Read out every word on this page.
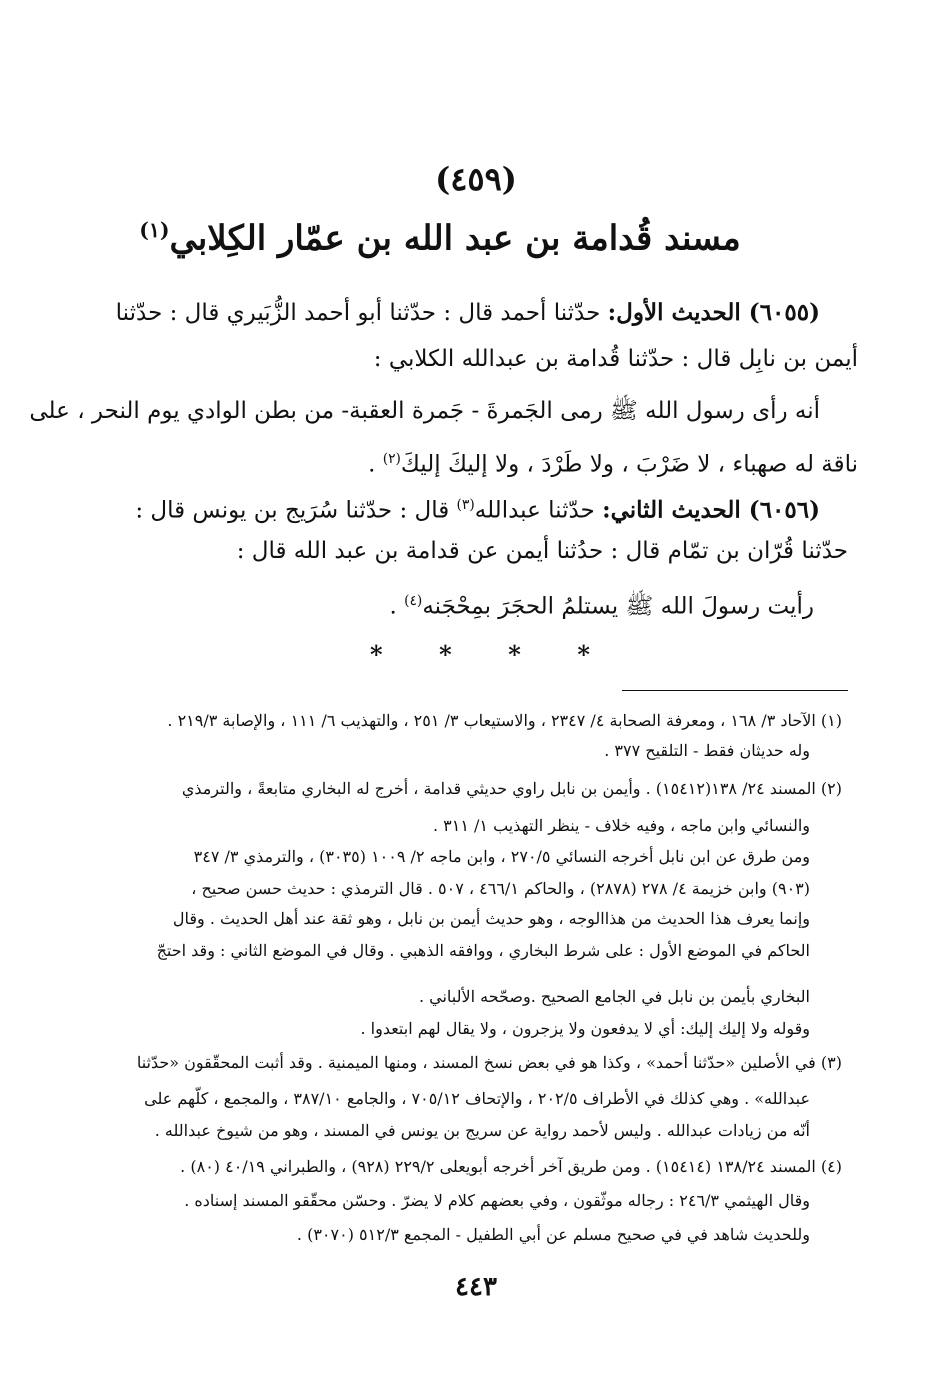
(٤٥٩)
مسند قُدامة بن عبد الله بن عمّار الكِلابي$^{(١)}$
(٦٠٥٥) الحديث الأول: حدّثنا أحمد قال : حدّثنا أبو أحمد الزُّبَيري قال : حدّثنا
أيمن بن نابِل قال : حدّثنا قُدامة بن عبدالله الكلابي :
أنه رأى رسول الله ﷺ رمى الجَمرةَ - جَمرة العقبة- من بطن الوادي يوم النحر ، على
ناقة له صهباء ، لا ضَرْبَ ، ولا طَرْدَ ، ولا إليكَ إليكَ$^{(٢)}$ .
(٦٠٥٦) الحديث الثاني: حدّثنا عبدالله$^{(٣)}$ قال : حدّثنا سُرَيج بن يونس قال :
حدّثنا قُرّان بن تمّام قال : حدُثنا أيمن عن قدامة بن عبد الله قال :
رأيت رسولَ الله ﷺ يستلمُ الحجَرَ بمِحْجَنه$^{(٤)}$ .
* * * *
(١) الآحاد ٣/ ١٦٨ ، ومعرفة الصحابة ٤/ ٢٣٤٧ ، والاستيعاب ٣/ ٢٥١ ، والتهذيب ٦/ ١١١ ، والإصابة ٢١٩/٣ .
وله حديثان فقط - التلقيح ٣٧٧ .
(٢) المسند ٢٤/ ١٣٨(١٥٤١٢) . وأيمن بن نابل راوي حديثي قدامة ، أخرج له البخاري متابعةً ، والترمذي
والنسائي وابن ماجه ، وفيه خلاف - ينظر التهذيب ١/ ٣١١ .
ومن طرق عن ابن نابل أخرجه النسائي ٢٧٠/٥ ، وابن ماجه ٢/ ١٠٠٩ (٣٠٣٥) ، والترمذي ٣/ ٣٤٧
(٩٠٣) وابن خزيمة ٤/ ٢٧٨ (٢٨٧٨) ، والحاكم ٤٦٦/١ ، ٥٠٧ . قال الترمذي : حديث حسن صحيح ،
وإنما يعرف هذا الحديث من هذاالوجه ، وهو حديث أيمن بن نابل ، وهو ثقة عند أهل الحديث . وقال
الحاكم في الموضع الأول : على شرط البخاري ، ووافقه الذهبي . وقال في الموضع الثاني : وقد احتجّ
البخاري بأيمن بن نابل في الجامع الصحيح .وصحّحه الألباني .
وقوله ولا إليك إليك: أي لا يدفعون ولا يزجرون ، ولا يقال لهم ابتعدوا .
(٣) في الأصلين «حدّثنا أحمد» ، وكذا هو في بعض نسخ المسند ، ومنها الميمنية . وقد أثبت المحقّقون «حدّثنا
عبدالله» . وهي كذلك في الأطراف ٢٠٢/٥ ، والإتحاف ٧٠٥/١٢ ، والجامع ٣٨٧/١٠ ، والمجمع ، كلّهم على
أنّه من زيادات عبدالله . وليس لأحمد رواية عن سريج بن يونس في المسند ، وهو من شيوخ عبدالله .
(٤) المسند ١٣٨/٢٤ (١٥٤١٤) . ومن طريق آخر أخرجه أبويعلى ٢٢٩/٢ (٩٢٨) ، والطبراني ٤٠/١٩ (٨٠) .
وقال الهيثمي ٢٤٦/٣ : رجاله موثّقون ، وفي بعضهم كلام لا يضرّ . وحسّن محقّقو المسند إسناده .
وللحديث شاهد في في صحيح مسلم عن أبي الطفيل - المجمع ٥١٢/٣ (٣٠٧٠) .
٤٤٣
